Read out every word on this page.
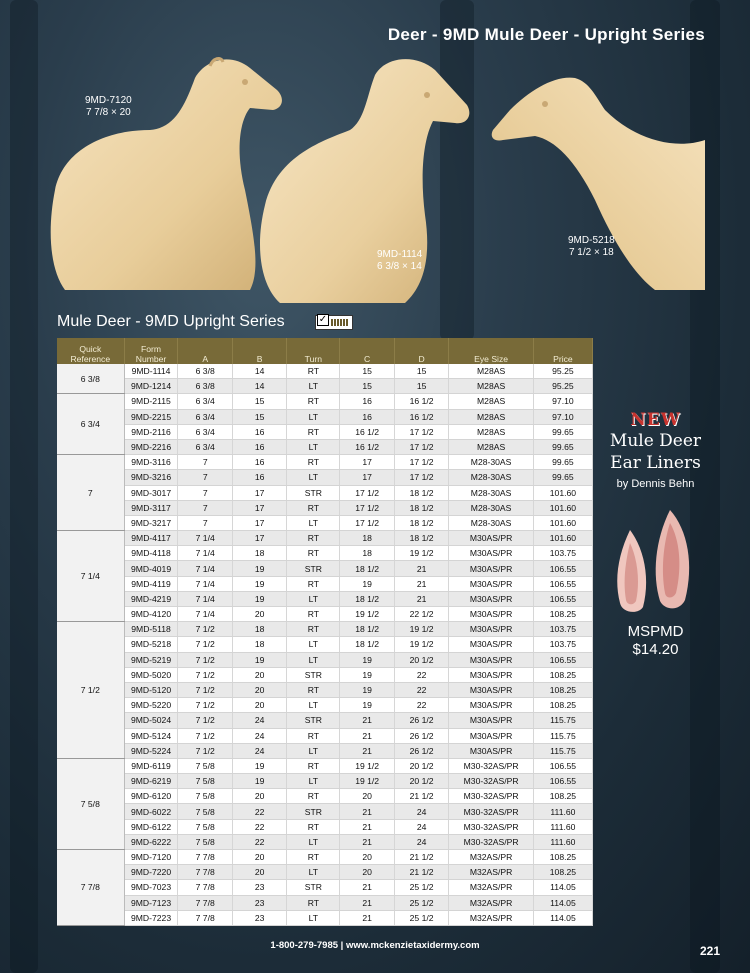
Deer - 9MD Mule Deer - Upright Series
9MD-7120
7 7/8 × 20
9MD-1114
6 3/8 × 14
9MD-5218
7 1/2 × 18
Mule Deer - 9MD Upright Series	✓
Quick Reference	Form Number	A	B	Turn	C	D	Eye Size	Price
6 3/8	9MD-1114	6 3/8	14	RT	15	15	M28AS	95.25
	9MD-1214	6 3/8	14	LT	15	15	M28AS	95.25
6 3/4	9MD-2115	6 3/4	15	RT	16	16 1/2	M28AS	97.10
	9MD-2215	6 3/4	15	LT	16	16 1/2	M28AS	97.10
	9MD-2116	6 3/4	16	RT	16 1/2	17 1/2	M28AS	99.65
	9MD-2216	6 3/4	16	LT	16 1/2	17 1/2	M28AS	99.65
7	9MD-3116	7	16	RT	17	17 1/2	M28-30AS	99.65
	9MD-3216	7	16	LT	17	17 1/2	M28-30AS	99.65
	9MD-3017	7	17	STR	17 1/2	18 1/2	M28-30AS	101.60
	9MD-3117	7	17	RT	17 1/2	18 1/2	M28-30AS	101.60
	9MD-3217	7	17	LT	17 1/2	18 1/2	M28-30AS	101.60
7 1/4	9MD-4117	7 1/4	17	RT	18	18 1/2	M30AS/PR	101.60
	9MD-4118	7 1/4	18	RT	18	19 1/2	M30AS/PR	103.75
	9MD-4019	7 1/4	19	STR	18 1/2	21	M30AS/PR	106.55
	9MD-4119	7 1/4	19	RT	19	21	M30AS/PR	106.55
	9MD-4219	7 1/4	19	LT	18 1/2	21	M30AS/PR	106.55
	9MD-4120	7 1/4	20	RT	19 1/2	22 1/2	M30AS/PR	108.25
7 1/2	9MD-5118	7 1/2	18	RT	18 1/2	19 1/2	M30AS/PR	103.75
	9MD-5218	7 1/2	18	LT	18 1/2	19 1/2	M30AS/PR	103.75
	9MD-5219	7 1/2	19	LT	19	20 1/2	M30AS/PR	106.55
	9MD-5020	7 1/2	20	STR	19	22	M30AS/PR	108.25
	9MD-5120	7 1/2	20	RT	19	22	M30AS/PR	108.25
	9MD-5220	7 1/2	20	LT	19	22	M30AS/PR	108.25
	9MD-5024	7 1/2	24	STR	21	26 1/2	M30AS/PR	115.75
	9MD-5124	7 1/2	24	RT	21	26 1/2	M30AS/PR	115.75
	9MD-5224	7 1/2	24	LT	21	26 1/2	M30AS/PR	115.75
7 5/8	9MD-6119	7 5/8	19	RT	19 1/2	20 1/2	M30-32AS/PR	106.55
	9MD-6219	7 5/8	19	LT	19 1/2	20 1/2	M30-32AS/PR	106.55
	9MD-6120	7 5/8	20	RT	20	21 1/2	M30-32AS/PR	108.25
	9MD-6022	7 5/8	22	STR	21	24	M30-32AS/PR	111.60
	9MD-6122	7 5/8	22	RT	21	24	M30-32AS/PR	111.60
	9MD-6222	7 5/8	22	LT	21	24	M30-32AS/PR	111.60
7 7/8	9MD-7120	7 7/8	20	RT	20	21 1/2	M32AS/PR	108.25
	9MD-7220	7 7/8	20	LT	20	21 1/2	M32AS/PR	108.25
	9MD-7023	7 7/8	23	STR	21	25 1/2	M32AS/PR	114.05
	9MD-7123	7 7/8	23	RT	21	25 1/2	M32AS/PR	114.05
	9MD-7223	7 7/8	23	LT	21	25 1/2	M32AS/PR	114.05
NEW
Mule Deer
Ear Liners
by Dennis Behn
MSPMD
$14.20
1-800-279-7985 | www.mckenzietaxidermy.com	221
